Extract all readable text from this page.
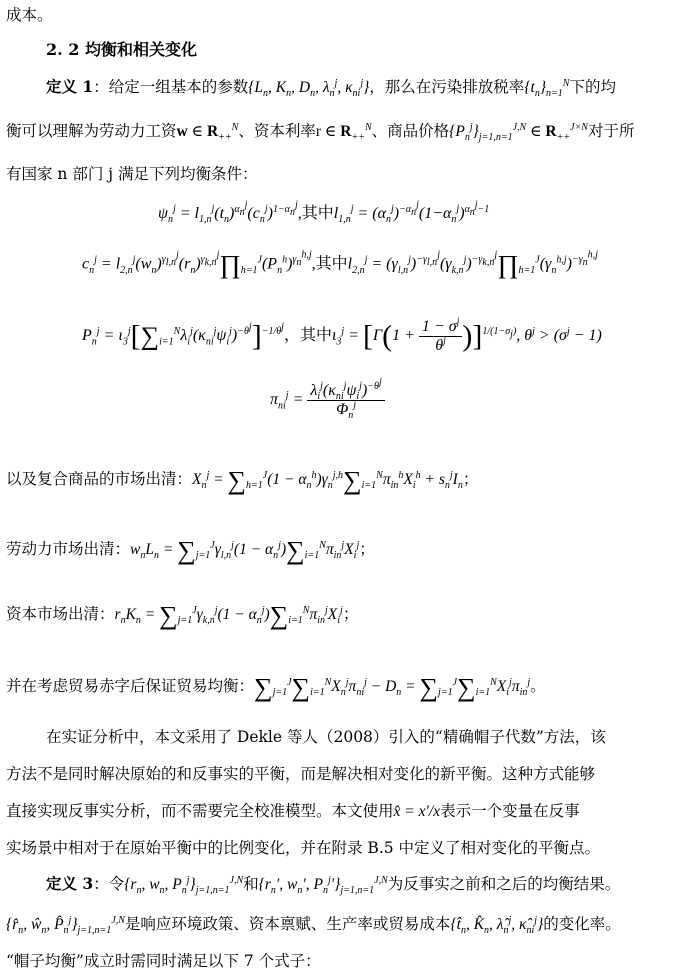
成本。
2. 2 均衡和相关变化
定义 1：给定一组基本的参数{$L_n$, $K_n$, $D_n$, $\lambda_n^j$, $\kappa_{ni}^j$}，那么在污染排放税率$\{t_n\}_{n=1}^N$下的均
衡可以理解为劳动力工资w ∈ $R_{++}^N$、资本利率r ∈ $R_{++}^N$、商品价格$\{P_n^j\}_{j=1,n=1}^{J,N}$ ∈ $R_{++}^{J\times N}$对于所
有国家 n 部门 j 满足下列均衡条件：
$\psi_n^j = l_{1,n}^j(t_n)^{\alpha_n^j}(c_n^j)^{1-\alpha_n^j}$,其中$l_{1,n}^j = (\alpha_n^j)^{-\alpha_n^j}(1-\alpha_n^j)^{\alpha_n^j-1}$
$c_n^j$ = $l_{2,n}^j(w_n)^{\gamma_{l,n}^j}(r_n)^{\gamma_{k,n}^j}\prod_{h=1}^J(P_n^h)^{\gamma_n^{h,j}}$,其中$l_{2,n}^j$ = $(\gamma_{l,n}^j)^{-\gamma_{l,n}^j}(\gamma_{k,n}^j)^{-\gamma_{k,n}^j}\prod_{h=1}^J(\gamma_n^{h,j})^{-\gamma_n^{h,j}}$
$P_n^j = \iota_3^j[\sum_{i=1}^N\lambda_i^j(\kappa_{ni}^j\psi_i^j)^{-\theta^j}]^{-1/\theta^j}$，其中$\iota_3^j = [\Gamma(1 + \frac{1 - \sigma^j}{\theta^j} )]^{1/(1-\sigma_j)}$, $\theta^j > (\sigma^j - 1)$
$\pi_{ni}^j = \frac{\lambda_i^j(\kappa_{ni}^j\psi_i^j)^{-\theta^j}}{\Phi_n^j}$
以及复合商品的市场出清：$X_n^j = \sum_{h=1}^J(1 - \alpha_n^h)\gamma_n^{j,h}\sum_{i=1}^N\pi_{in}^hX_i^h + s_n^jI_n$；
劳动力市场出清：$w_nL_n = \sum_{j=1}^J\gamma_{l,n}^j(1 - \alpha_n^j)\sum_{i=1}^N\pi_{in}^jX_i^j$；
资本市场出清：$r_nK_n = \sum_{j=1}^J\gamma_{k,n}^j(1 - \alpha_n^j)\sum_{i=1}^N\pi_{in}^jX_i^j$；
并在考虑贸易赤字后保证贸易均衡：$\sum_{j=1}^J\sum_{i=1}^NX_n^j\pi_{ni}^j - D_n = \sum_{j=1}^J\sum_{i=1}^NX_i^j\pi_{in}^j$。
在实证分析中，本文采用了 Dekle 等人（2008）引入的“精确帽子代数”方法，该
方法不是同时解决原始的和反事实的平衡，而是解决相对变化的新平衡。这种方式能够
直接实现反事实分析，而不需要完全校准模型。本文使用x̂ = x′/x表示一个变量在反事
实场景中相对于在原始平衡中的比例变化，并在附录 B.5 中定义了相对变化的平衡点。
定义 3：令{$r_n$, $w_n$, $P_n^j\}_{j=1,n=1}^{J,N}$和{$r_n'$, $w_n'$, $P_n^j'\}_{j=1,n=1}^{J,N}$为反事实之前和之后的均衡结果。
{$r̂_n$, $ŵ_n$, $P̂_n^j\}_{j=1,n=1}^{J,N}$是响应环境政策、资本禀赋、生产率或贸易成本{$t̂_n$, $K̂_n$, $\lambdâ_n^j$, $\kappâ_{ni}^j$}的变化率。
“帽子均衡”成立时需同时满足以下 7 个式子：
